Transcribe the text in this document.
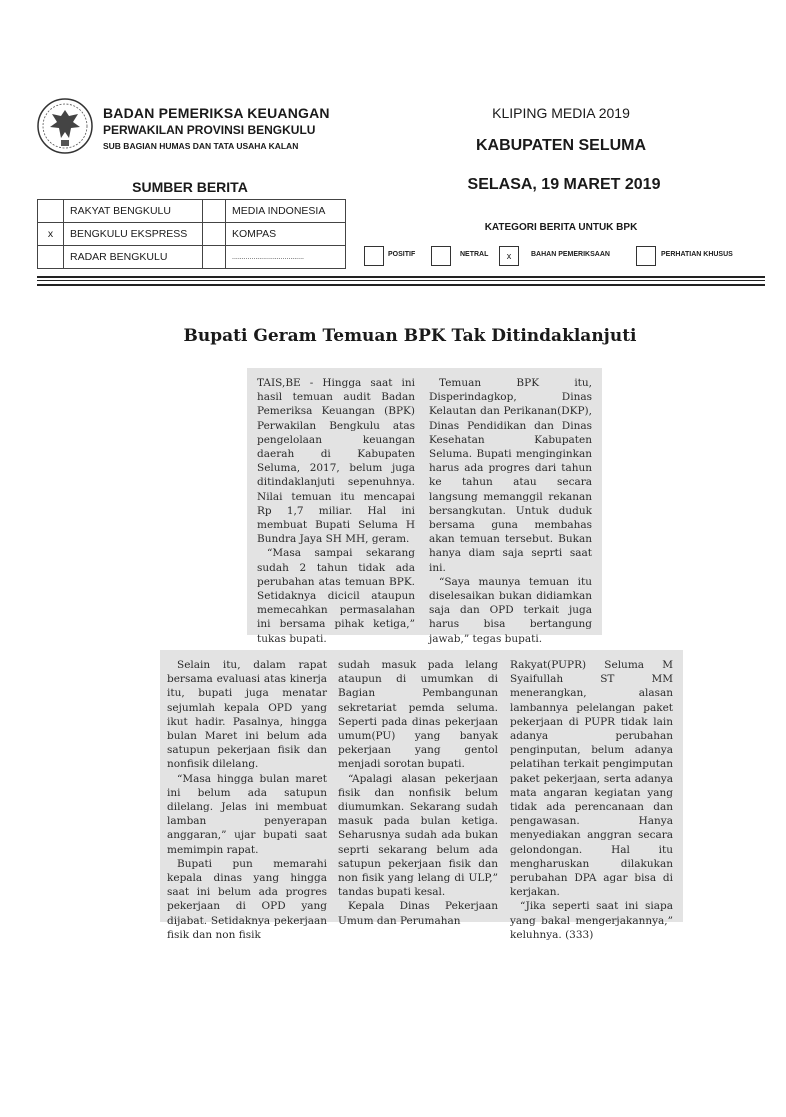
BADAN PEMERIKSA KEUANGAN
PERWAKILAN PROVINSI BENGKULU
SUB BAGIAN HUMAS DAN TATA USAHA KALAN
KLIPING MEDIA 2019
KABUPATEN SELUMA
SELASA, 19 MARET 2019
SUMBER BERITA
	RAKYAT BENGKULU		MEDIA INDONESIA
x	BENGKULU EKSPRESS		KOMPAS
	RADAR BENGKULU		.....................................
KATEGORI BERITA UNTUK BPK
POSITIF	NETRAL	x	BAHAN PEMERIKSAAN	PERHATIAN KHUSUS
Bupati Geram Temuan BPK Tak Ditindaklanjuti

TAIS,BE - Hingga saat ini hasil temuan audit Badan Pemeriksa Keuangan (BPK) Perwakilan Bengkulu atas pengelolaan keuangan daerah di Kabupaten Seluma, 2017, belum juga ditindaklanjuti sepenuhnya. Nilai temuan itu mencapai Rp 1,7 miliar. Hal ini membuat Bupati Seluma H Bundra Jaya SH MH, geram.

“Masa sampai sekarang sudah 2 tahun tidak ada perubahan atas temuan BPK. Setidaknya dicicil ataupun memecahkan permasalahan ini bersama pihak ketiga,” tukas bupati.

Temuan BPK itu, Disperindagkop, Dinas Kelautan dan Perikanan(DKP), Dinas Pendidikan dan Dinas Kesehatan Kabupaten Seluma. Bupati menginginkan harus ada progres dari tahun ke tahun atau secara langsung memanggil rekanan bersangkutan. Untuk duduk bersama guna membahas akan temuan tersebut. Bukan hanya diam saja seprti saat ini.

“Saya maunya temuan itu diselesaikan bukan didiamkan saja dan OPD terkait juga harus bisa bertangung jawab,” tegas bupati.

Selain itu, dalam rapat bersama evaluasi atas kinerja itu, bupati juga menatar sejumlah kepala OPD yang ikut hadir. Pasalnya, hingga bulan Maret ini belum ada satupun pekerjaan fisik dan nonfisik dilelang.

“Masa hingga bulan maret ini belum ada satupun dilelang. Jelas ini membuat lamban penyerapan anggaran,” ujar bupati saat memimpin rapat.

Bupati pun memarahi kepala dinas yang hingga saat ini belum ada progres pekerjaan di OPD yang dijabat. Setidaknya pekerjaan fisik dan non fisik

sudah masuk pada lelang ataupun di umumkan di Bagian Pembangunan sekretariat pemda seluma. Seperti pada dinas pekerjaan umum(PU) yang banyak pekerjaan yang gentol menjadi sorotan bupati.

“Apalagi alasan pekerjaan fisik dan nonfisik belum diumumkan. Sekarang sudah masuk pada bulan ketiga. Seharusnya sudah ada bukan seprti sekarang belum ada satupun pekerjaan fisik dan non fisik yang lelang di ULP,” tandas bupati kesal.

Kepala Dinas Pekerjaan Umum dan Perumahan

Rakyat(PUPR) Seluma M Syaifullah ST MM menerangkan, alasan lambannya pelelangan paket pekerjaan di PUPR tidak lain adanya perubahan penginputan, belum adanya pelatihan terkait pengimputan paket pekerjaan, serta adanya mata angaran kegiatan yang tidak ada perencanaan dan pengawasan. Hanya menyediakan anggran secara gelondongan. Hal itu mengharuskan dilakukan perubahan DPA agar bisa di kerjakan.

“Jika seperti saat ini siapa yang bakal mengerjakannya,” keluhnya. (333)
